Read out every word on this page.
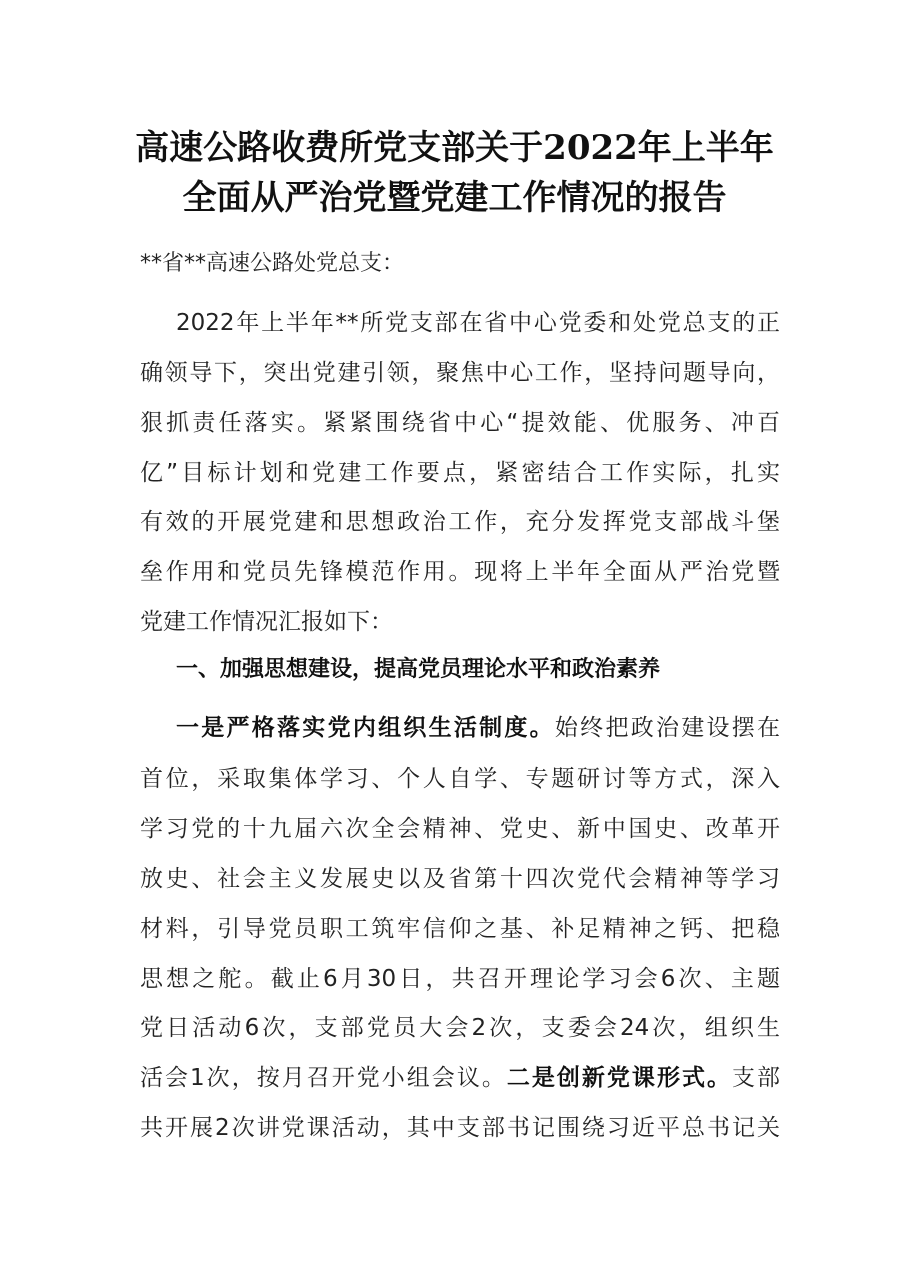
高速公路收费所党支部关于2022年上半年
全面从严治党暨党建工作情况的报告
**省**高速公路处党总支：
2022年上半年**所党支部在省中心党委和处党总支的正
确领导下，突出党建引领，聚焦中心工作，坚持问题导向，
狠抓责任落实。紧紧围绕省中心“提效能、优服务、冲百
亿”目标计划和党建工作要点，紧密结合工作实际，扎实
有效的开展党建和思想政治工作，充分发挥党支部战斗堡
垒作用和党员先锋模范作用。现将上半年全面从严治党暨
党建工作情况汇报如下：
一、加强思想建设，提高党员理论水平和政治素养
一是严格落实党内组织生活制度。始终把政治建设摆在
首位，采取集体学习、个人自学、专题研讨等方式，深入
学习党的十九届六次全会精神、党史、新中国史、改革开
放史、社会主义发展史以及省第十四次党代会精神等学习
材料，引导党员职工筑牢信仰之基、补足精神之钙、把稳
思想之舵。截止6月30日，共召开理论学习会6次、主题
党日活动6次，支部党员大会2次，支委会24次，组织生
活会1次，按月召开党小组会议。二是创新党课形式。支部
共开展2次讲党课活动，其中支部书记围绕习近平总书记关
